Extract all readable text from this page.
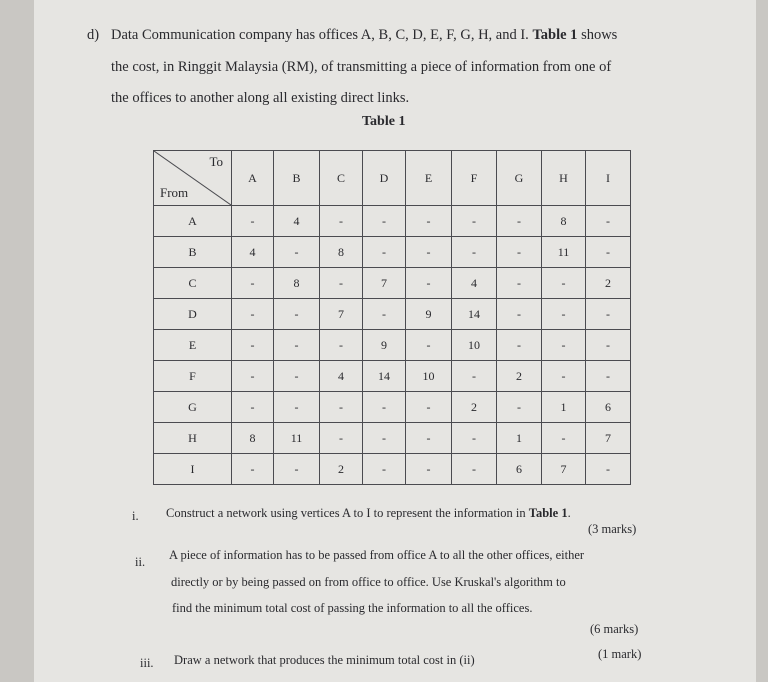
d) Data Communication company has offices A, B, C, D, E, F, G, H, and I. Table 1 shows
the cost, in Ringgit Malaysia (RM), of transmitting a piece of information from one of
the offices to another along all existing direct links.
Table 1
To
From	A	B	C	D	E	F	G	H	I
A	-	4	-	-	-	-	-	8	-
B	4	-	8	-	-	-	-	11	-
C	-	8	-	7	-	4	-	-	2
D	-	-	7	-	9	14	-	-	-
E	-	-	-	9	-	10	-	-	-
F	-	-	4	14	10	-	2	-	-
G	-	-	-	-	-	2	-	1	6
H	8	11	-	-	-	-	1	-	7
I	-	-	2	-	-	-	6	7	-
i. Construct a network using vertices A to I to represent the information in Table 1.
(3 marks)
ii. A piece of information has to be passed from office A to all the other offices, either
directly or by being passed on from office to office. Use Kruskal's algorithm to
find the minimum total cost of passing the information to all the offices.
(6 marks)
iii. Draw a network that produces the minimum total cost in (ii)	(1 mark)
